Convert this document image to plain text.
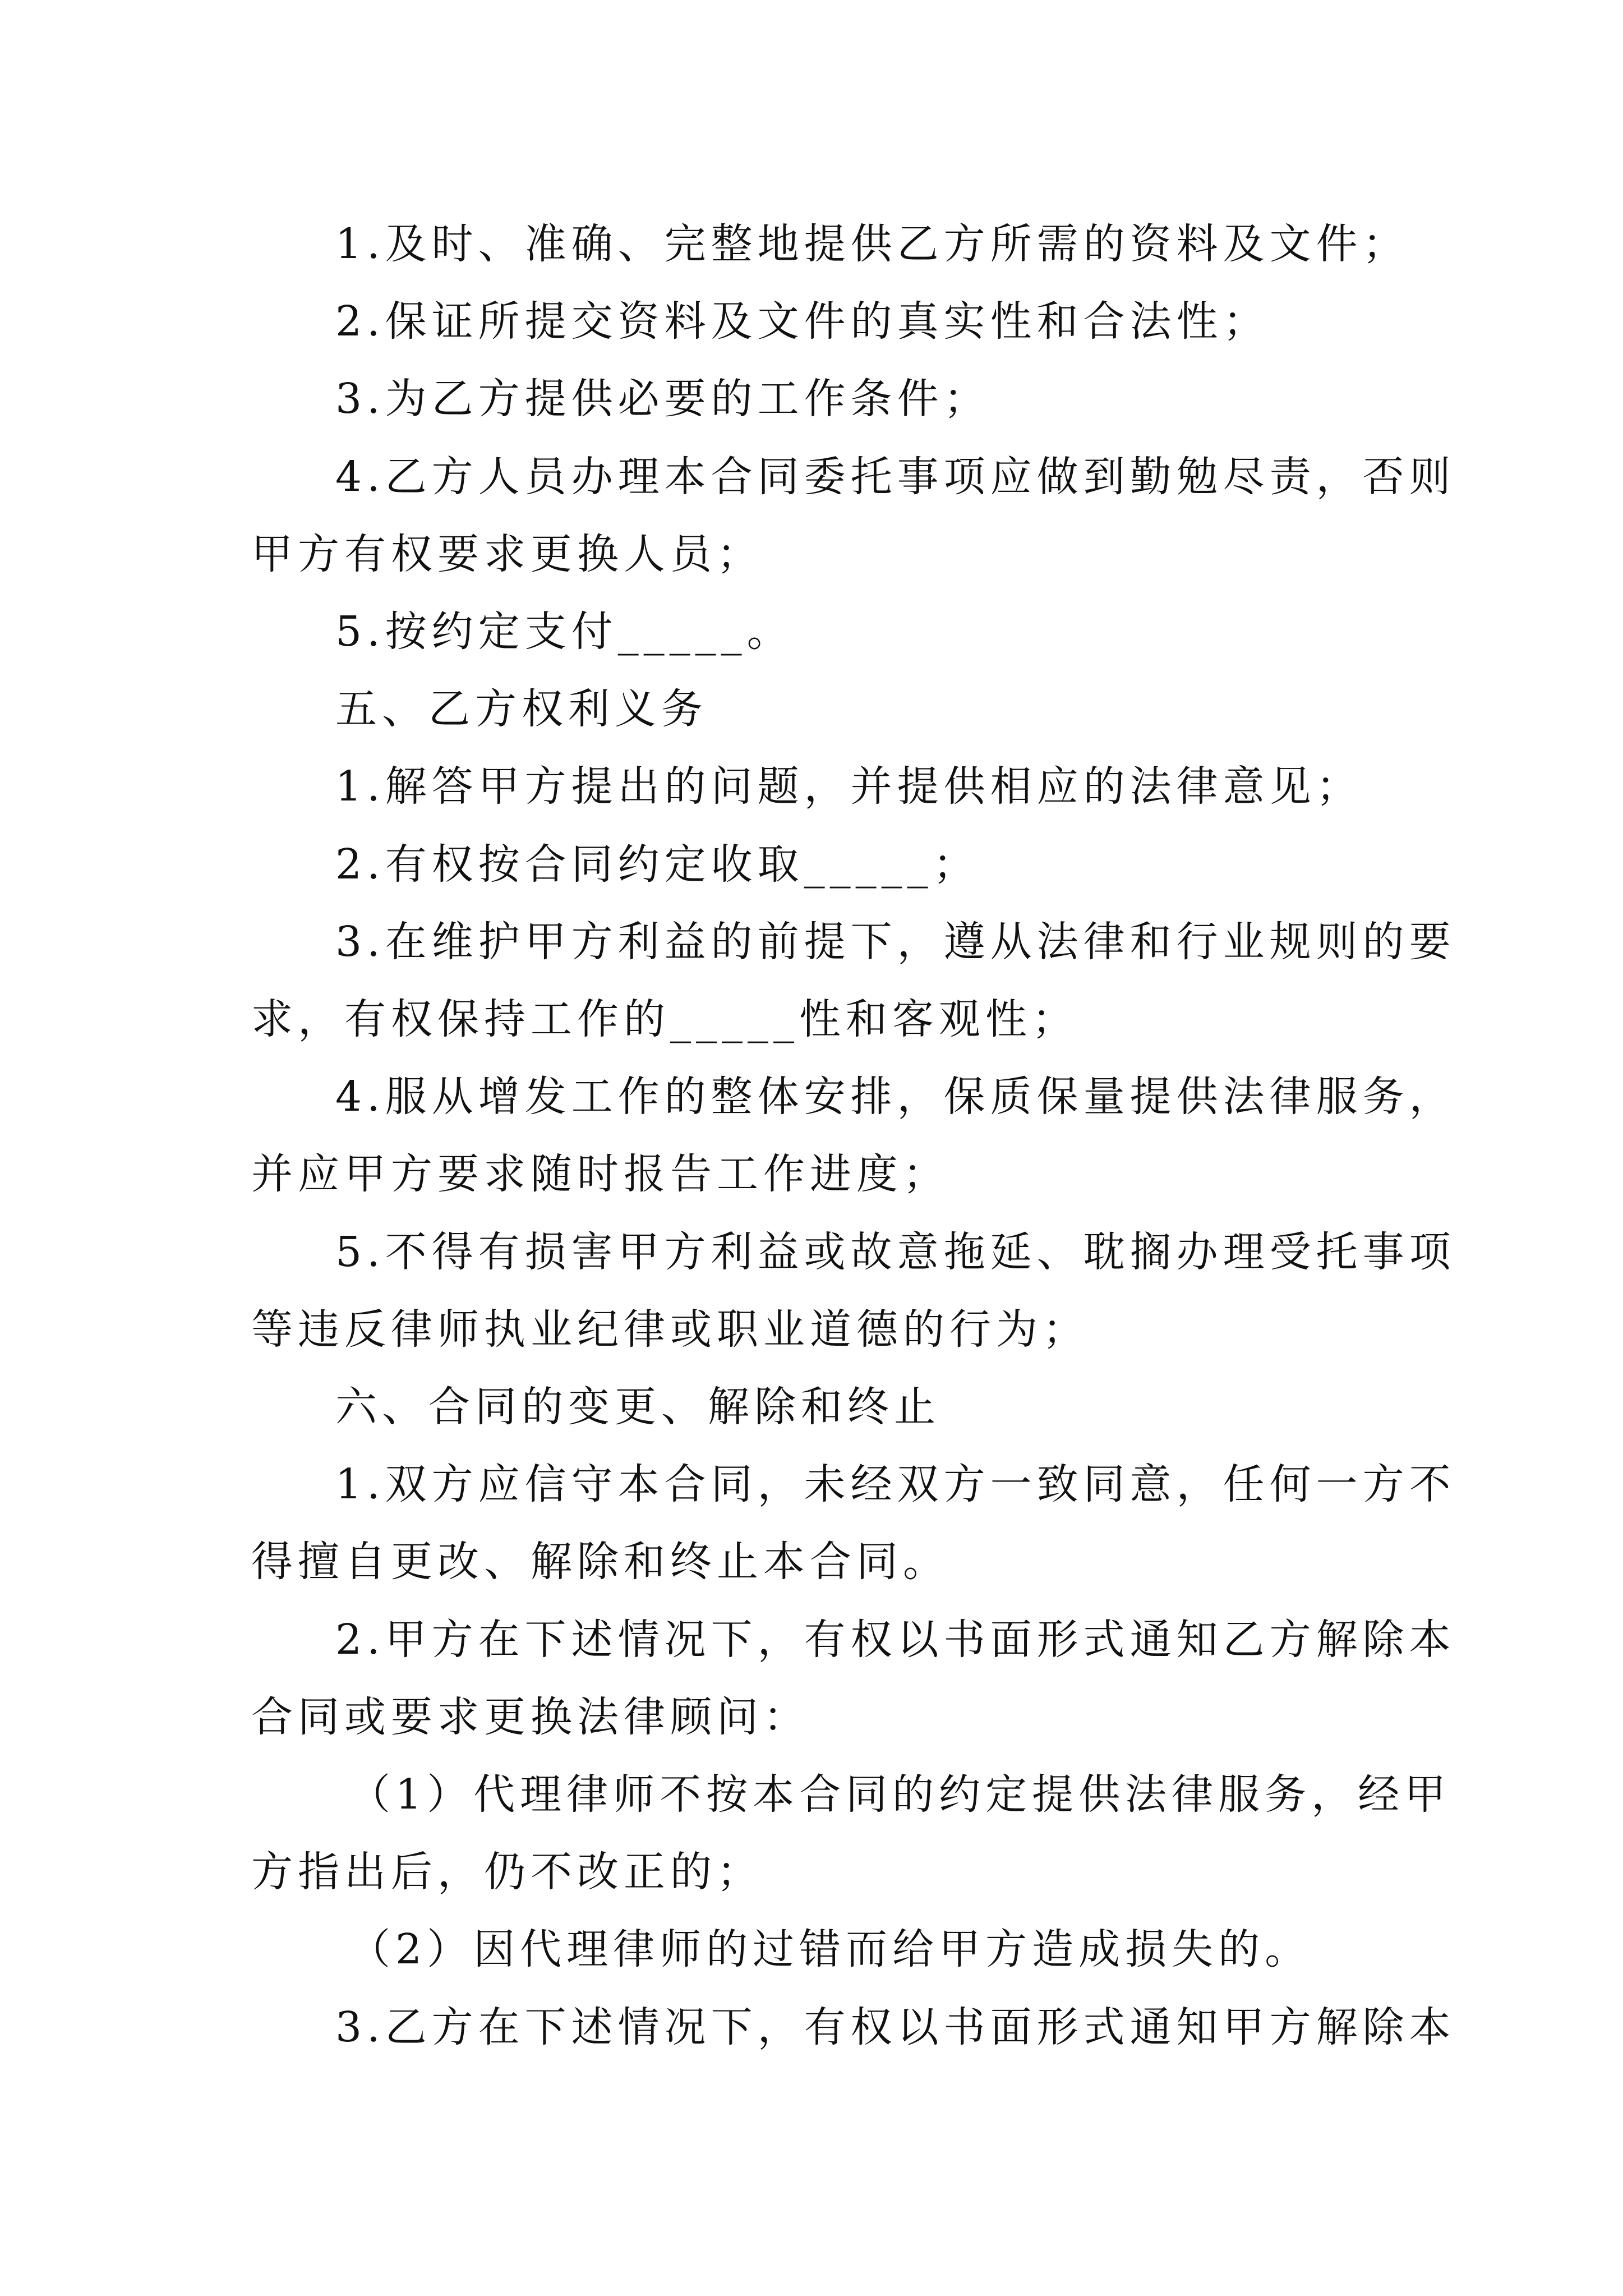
1.及时、准确、完整地提供乙方所需的资料及文件；

2.保证所提交资料及文件的真实性和合法性；

3.为乙方提供必要的工作条件；

4.乙方人员办理本合同委托事项应做到勤勉尽责，否则

甲方有权要求更换人员；

5.按约定支付_____。

五、乙方权利义务

1.解答甲方提出的问题，并提供相应的法律意见；

2.有权按合同约定收取_____；

3.在维护甲方利益的前提下，遵从法律和行业规则的要

求，有权保持工作的_____性和客观性；

4.服从增发工作的整体安排，保质保量提供法律服务，

并应甲方要求随时报告工作进度；

5.不得有损害甲方利益或故意拖延、耽搁办理受托事项

等违反律师执业纪律或职业道德的行为；

六、合同的变更、解除和终止

1.双方应信守本合同，未经双方一致同意，任何一方不

得擅自更改、解除和终止本合同。

2.甲方在下述情况下，有权以书面形式通知乙方解除本

合同或要求更换法律顾问：

（1）代理律师不按本合同的约定提供法律服务，经甲

方指出后，仍不改正的；

（2）因代理律师的过错而给甲方造成损失的。

3.乙方在下述情况下，有权以书面形式通知甲方解除本
